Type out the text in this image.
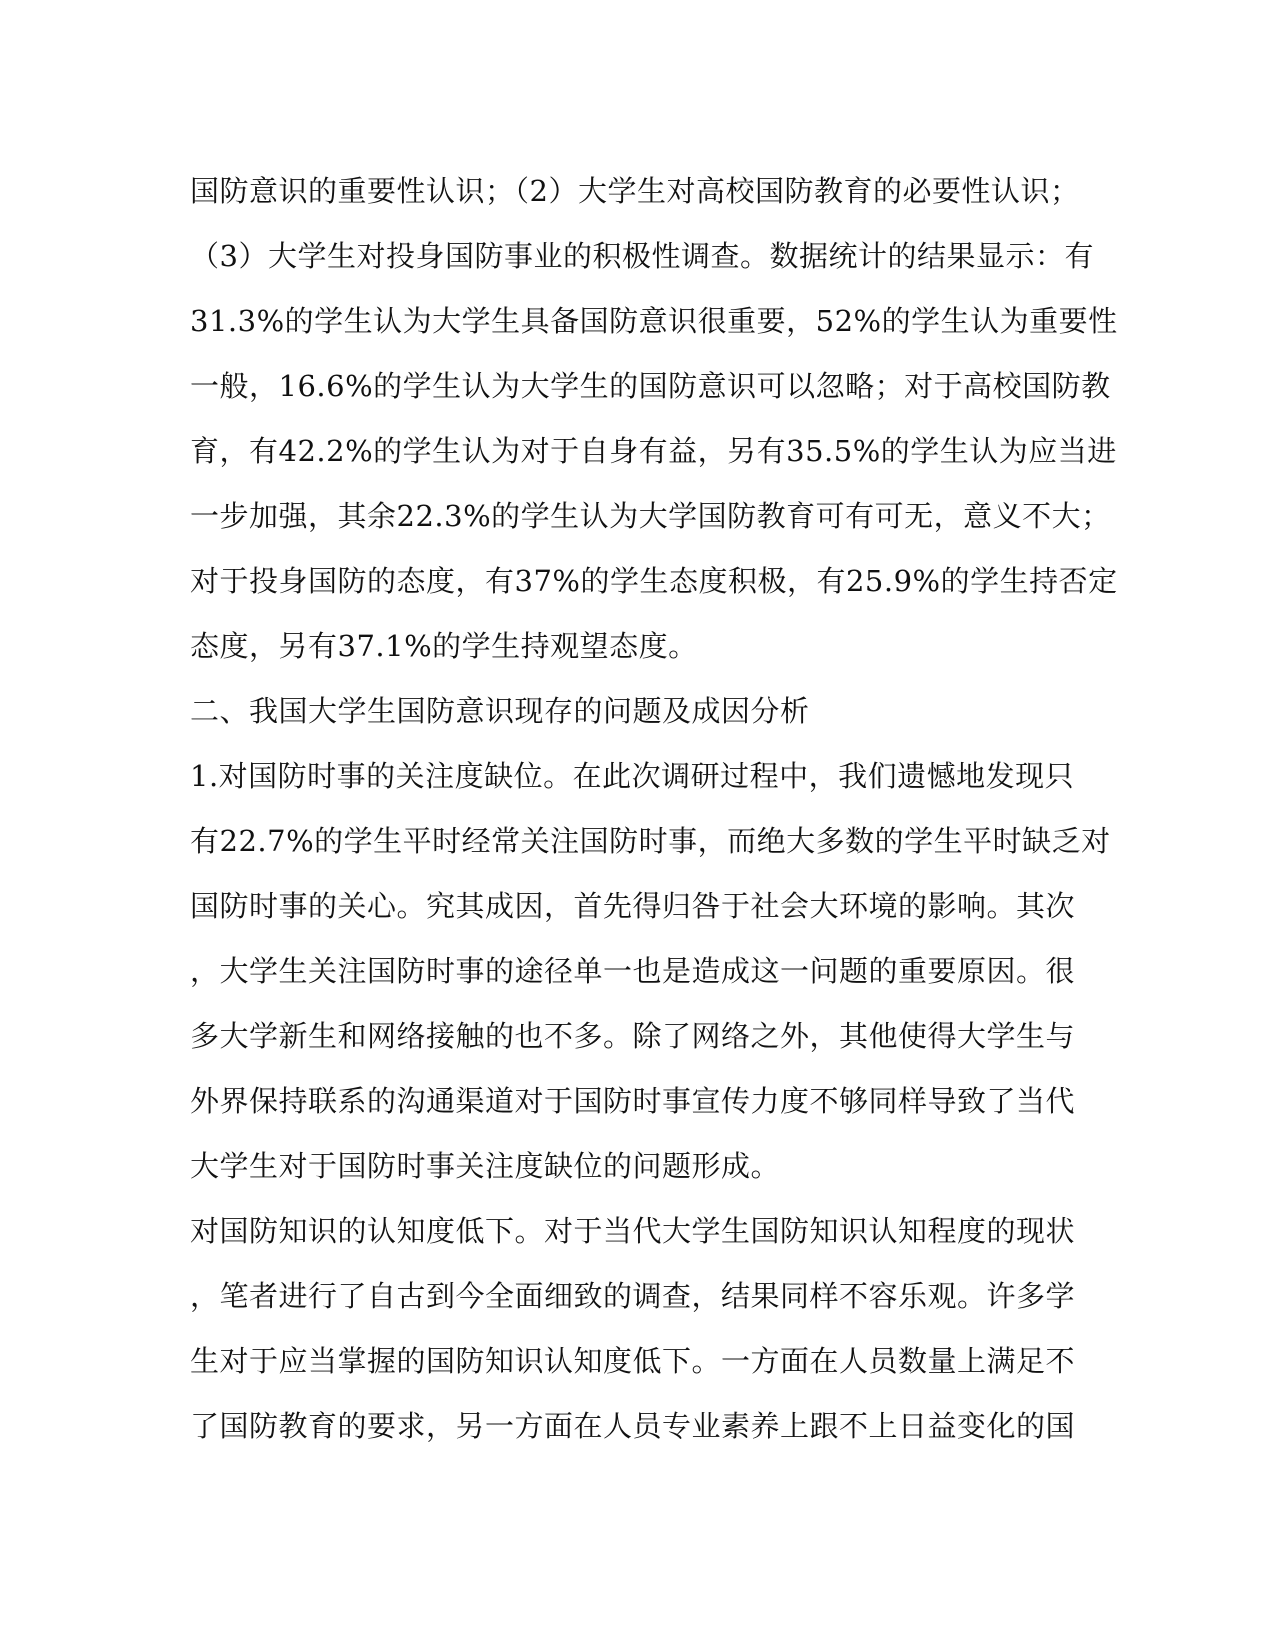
国防意识的重要性认识；（2）大学生对高校国防教育的必要性认识；
（3）大学生对投身国防事业的积极性调查。数据统计的结果显示：有
31.3%的学生认为大学生具备国防意识很重要，52%的学生认为重要性
一般，16.6%的学生认为大学生的国防意识可以忽略；对于高校国防教
育，有42.2%的学生认为对于自身有益，另有35.5%的学生认为应当进
一步加强，其余22.3%的学生认为大学国防教育可有可无，意义不大；
对于投身国防的态度，有37%的学生态度积极，有25.9%的学生持否定
态度，另有37.1%的学生持观望态度。
二、我国大学生国防意识现存的问题及成因分析
1.对国防时事的关注度缺位。在此次调研过程中，我们遗憾地发现只
有22.7%的学生平时经常关注国防时事，而绝大多数的学生平时缺乏对
国防时事的关心。究其成因，首先得归咎于社会大环境的影响。其次
，大学生关注国防时事的途径单一也是造成这一问题的重要原因。很
多大学新生和网络接触的也不多。除了网络之外，其他使得大学生与
外界保持联系的沟通渠道对于国防时事宣传力度不够同样导致了当代
大学生对于国防时事关注度缺位的问题形成。
对国防知识的认知度低下。对于当代大学生国防知识认知程度的现状
，笔者进行了自古到今全面细致的调查，结果同样不容乐观。许多学
生对于应当掌握的国防知识认知度低下。一方面在人员数量上满足不
了国防教育的要求，另一方面在人员专业素养上跟不上日益变化的国
